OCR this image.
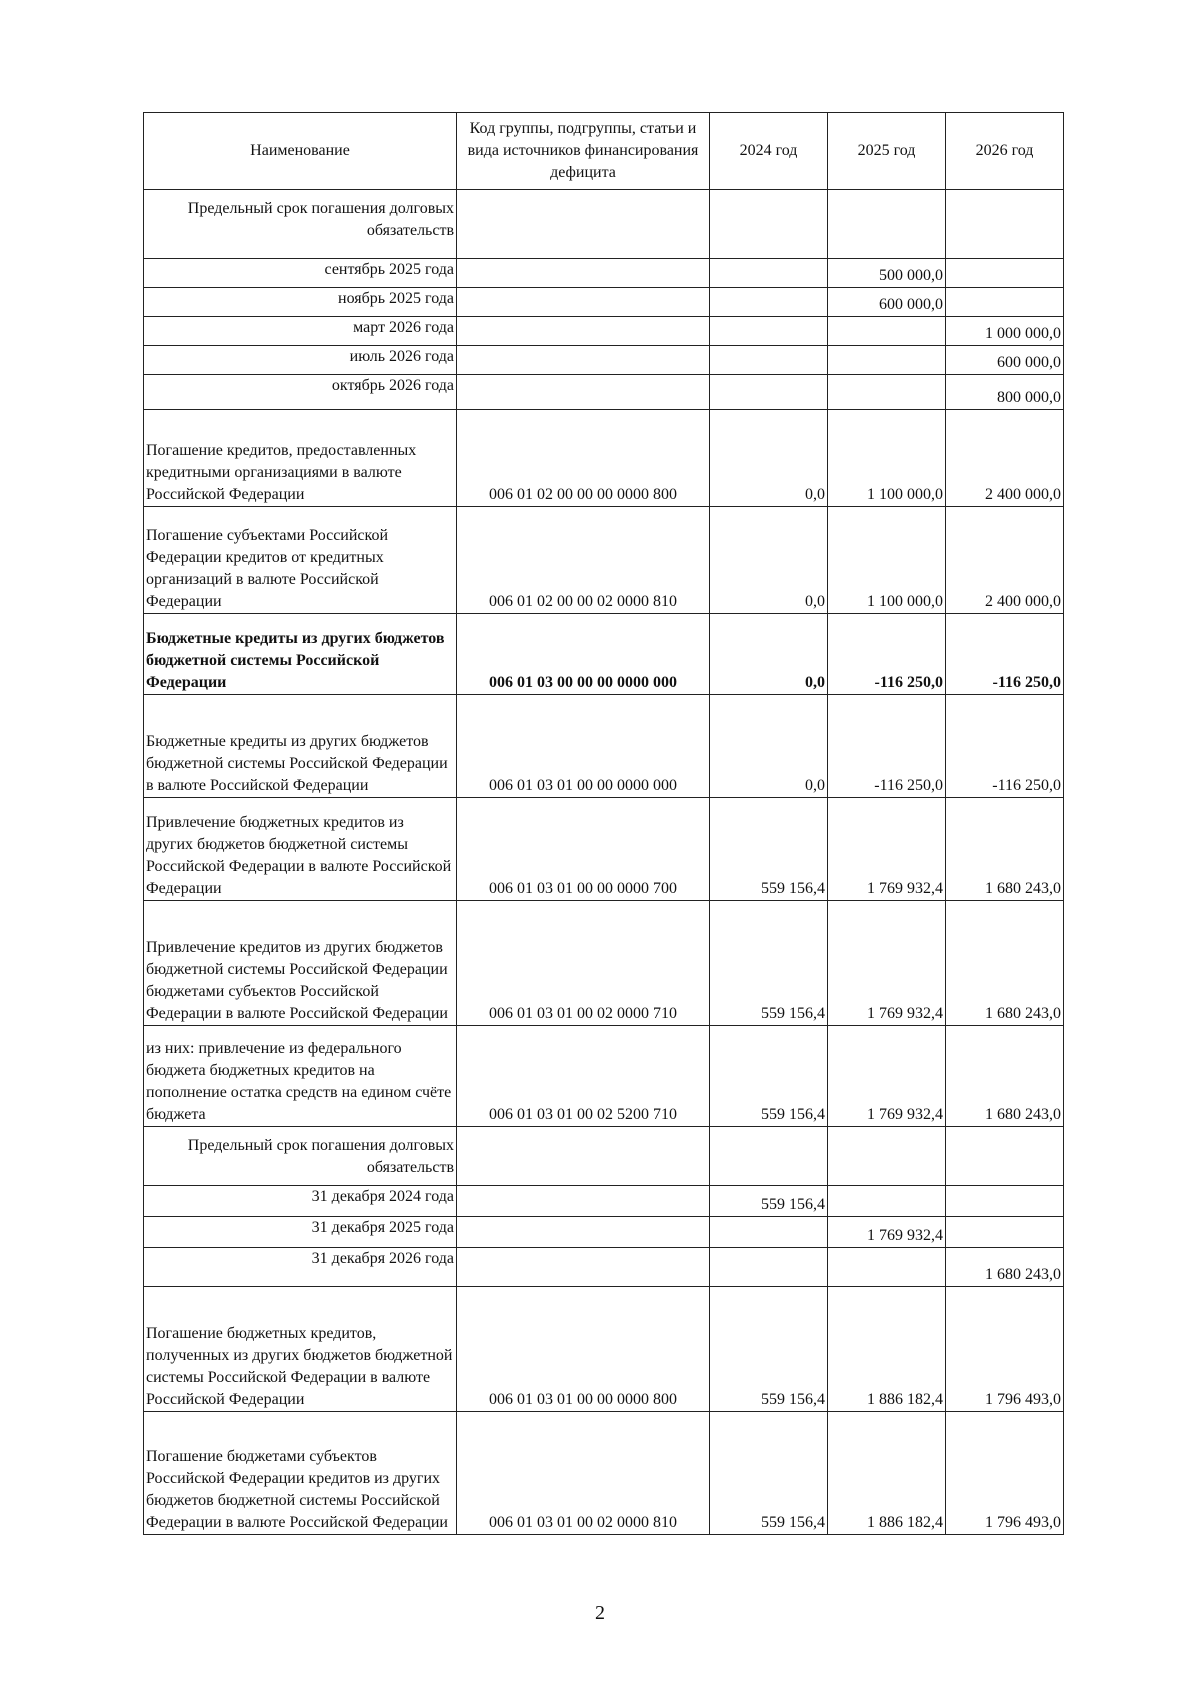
Наименование	Код группы, подгруппы, статьи и вида источников финансирования дефицита	2024 год	2025 год	2026 год
Предельный срок погашения долговых обязательств				
сентябрь 2025 года			500 000,0	
ноябрь 2025 года			600 000,0	
март 2026 года				1 000 000,0
июль 2026 года				600 000,0
октябрь 2026 года				800 000,0
Погашение кредитов, предоставленных кредитными организациями в валюте Российской Федерации	006 01 02 00 00 00 0000 800	0,0	1 100 000,0	2 400 000,0
Погашение субъектами Российской Федерации кредитов от кредитных организаций в валюте Российской Федерации	006 01 02 00 00 02 0000 810	0,0	1 100 000,0	2 400 000,0
Бюджетные кредиты из других бюджетов бюджетной системы Российской Федерации	006 01 03 00 00 00 0000 000	0,0	-116 250,0	-116 250,0
Бюджетные кредиты из других бюджетов бюджетной системы Российской Федерации в валюте Российской Федерации	006 01 03 01 00 00 0000 000	0,0	-116 250,0	-116 250,0
Привлечение бюджетных кредитов из других бюджетов бюджетной системы Российской Федерации в валюте Российской Федерации	006 01 03 01 00 00 0000 700	559 156,4	1 769 932,4	1 680 243,0
Привлечение кредитов из других бюджетов бюджетной системы Российской Федерации бюджетами субъектов Российской Федерации в валюте Российской Федерации	006 01 03 01 00 02 0000 710	559 156,4	1 769 932,4	1 680 243,0
из них: привлечение из федерального бюджета бюджетных кредитов на пополнение остатка средств на едином счёте бюджета	006 01 03 01 00 02 5200 710	559 156,4	1 769 932,4	1 680 243,0
Предельный срок погашения долговых обязательств				
31 декабря 2024 года		559 156,4		
31 декабря 2025 года			1 769 932,4	
31 декабря 2026 года				1 680 243,0
Погашение бюджетных кредитов, полученных из других бюджетов бюджетной системы Российской Федерации в валюте Российской Федерации	006 01 03 01 00 00 0000 800	559 156,4	1 886 182,4	1 796 493,0
Погашение бюджетами субъектов Российской Федерации кредитов из других бюджетов бюджетной системы Российской Федерации в валюте Российской Федерации	006 01 03 01 00 02 0000 810	559 156,4	1 886 182,4	1 796 493,0
2
